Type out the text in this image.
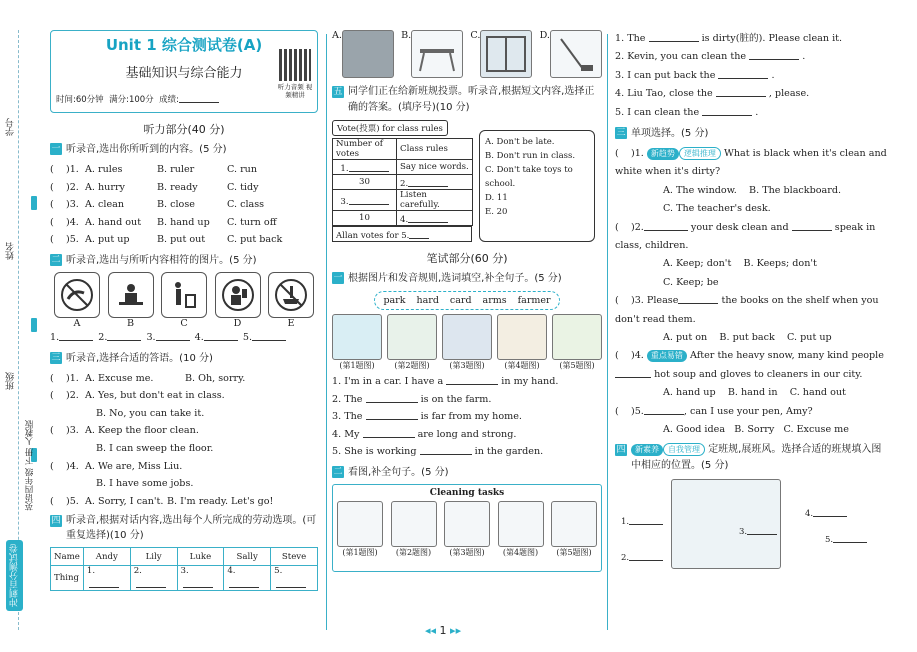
学号
姓名
班级
英语四年级 下册 人教版
冲刺百分测试卷
Unit 1 综合测试卷(A)
基础知识与综合能力
时间:60分钟 满分:100分 成绩:
听力音频 视频精讲
听力部分(40 分)
一 听录音,选出你所听到的内容。(5 分)
(    )1. A. rules	B. ruler	C. run
(    )2. A. hurry	B. ready	C. tidy
(    )3. A. clean	B. close	C. class
(    )4. A. hand out B. hand up C. turn off
(    )5. A. put up	B. put out C. put back
二 听录音,选出与所听内容相符的图片。(5 分)
A	B	C	D	E
1.	2.	3.	4.	5.
三 听录音,选择合适的答语。(10 分)
(    )1. A. Excuse me.	B. Oh, sorry.
(    )2. A. Yes, but don't eat in class.
B. No, you can take it.
(    )3. A. Keep the floor clean.
B. I can sweep the floor.
(    )4. A. We are, Miss Liu.
B. I have some jobs.
(    )5. A. Sorry, I can't. B. I'm ready. Let's go!
四 听录音,根据对话内容,选出每个人所完成的劳动选项。(可重复选择)(10 分)
Name	Andy	Lily	Luke	Sally	Steve
Thing	1.	2.	3.	4.	5.
A.	B.	C.	D.
五 同学们正在给新班规投票。听录音,根据短文内容,选择正确的答案。(填序号)(10 分)
Vote(投票) for class rules
Number of votes	Class rules
1.	Say nice words.
30	2.
3.	Listen carefully.
10	4.
Allan votes for 5.
A. Don't be late.
B. Don't run in class.
C. Don't take toys to school.
D. 11
E. 20
笔试部分(60 分)
一 根据图片和发音规则,选词填空,补全句子。(5 分)
park hard card arms farmer
(第1题图)	(第2题图)	(第3题图)	(第4题图)	(第5题图)
1. I'm in a car. I have a	in my hand.
2. The	is on the farm.
3. The	is far from my home.
4. My	are long and strong.
5. She is working	in the garden.
二 看图,补全句子。(5 分)
Cleaning tasks
(第1题图)	(第2题图)	(第3题图)	(第4题图)	(第5题图)
1. The	is dirty(脏的). Please clean it.
2. Kevin, you can clean the	.
3. I can put back the	.
4. Liu Tao, close the	, please.
5. I can clean the	.
三 单项选择。(5 分)
(    )1. 新趋势 逻辑推理 What is black when it's clean and white when it's dirty?
A. The window. B. The blackboard.
C. The teacher's desk.
(    )2.	your desk clean and	speak in class, children.
A. Keep; don't B. Keeps; don't
C. Keep; be
(    )3. Please	the books on the shelf when you don't read them.
A. put on B. put back C. put up
(    )4. 重点易错 After the heavy snow, many kind people  hot soup and gloves to cleaners in our city.
A. hand up B. hand in C. hand out
(    )5.	, can I use your pen, Amy?
A. Good idea B. Sorry C. Excuse me
四	新素养 自我管理 定班规,展班风。选择合适的班规填入图中相应的位置。(5 分)
1.
2.
3.
4.
5.
◂◂ 1 ▸▸
